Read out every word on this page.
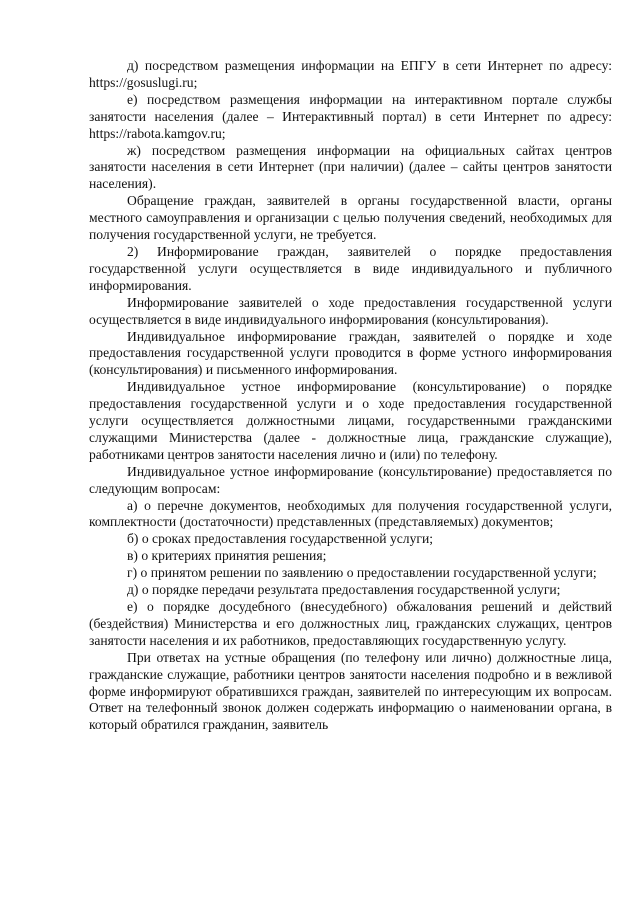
д) посредством размещения информации на ЕПГУ в сети Интернет по адресу: https://gosuslugi.ru;

е) посредством размещения информации на интерактивном портале службы занятости населения (далее – Интерактивный портал) в сети Интернет по адресу: https://rabota.kamgov.ru;

ж) посредством размещения информации на официальных сайтах центров занятости населения в сети Интернет (при наличии) (далее – сайты центров занятости населения).

Обращение граждан, заявителей в органы государственной власти, органы местного самоуправления и организации с целью получения сведений, необходимых для получения государственной услуги, не требуется.

2) Информирование граждан, заявителей о порядке предоставления государственной услуги осуществляется в виде индивидуального и публичного информирования.

Информирование заявителей о ходе предоставления государственной услуги осуществляется в виде индивидуального информирования (консультирования).

Индивидуальное информирование граждан, заявителей о порядке и ходе предоставления государственной услуги проводится в форме устного информирования (консультирования) и письменного информирования.

Индивидуальное устное информирование (консультирование) о порядке предоставления государственной услуги и о ходе предоставления государственной услуги осуществляется должностными лицами, государственными гражданскими служащими Министерства (далее - должностные лица, гражданские служащие), работниками центров занятости населения лично и (или) по телефону.

Индивидуальное устное информирование (консультирование) предоставляется по следующим вопросам:

а) о перечне документов, необходимых для получения государственной услуги, комплектности (достаточности) представленных (представляемых) документов;

б) о сроках предоставления государственной услуги;

в) о критериях принятия решения;

г) о принятом решении по заявлению о предоставлении государственной услуги;

д) о порядке передачи результата предоставления государственной услуги;

е) о порядке досудебного (внесудебного) обжалования решений и действий (бездействия) Министерства и его должностных лиц, гражданских служащих, центров занятости населения и их работников, предоставляющих государственную услугу.

При ответах на устные обращения (по телефону или лично) должностные лица, гражданские служащие, работники центров занятости населения подробно и в вежливой форме информируют обратившихся граждан, заявителей по интересующим их вопросам. Ответ на телефонный звонок должен содержать информацию о наименовании органа, в который обратился гражданин, заявитель
